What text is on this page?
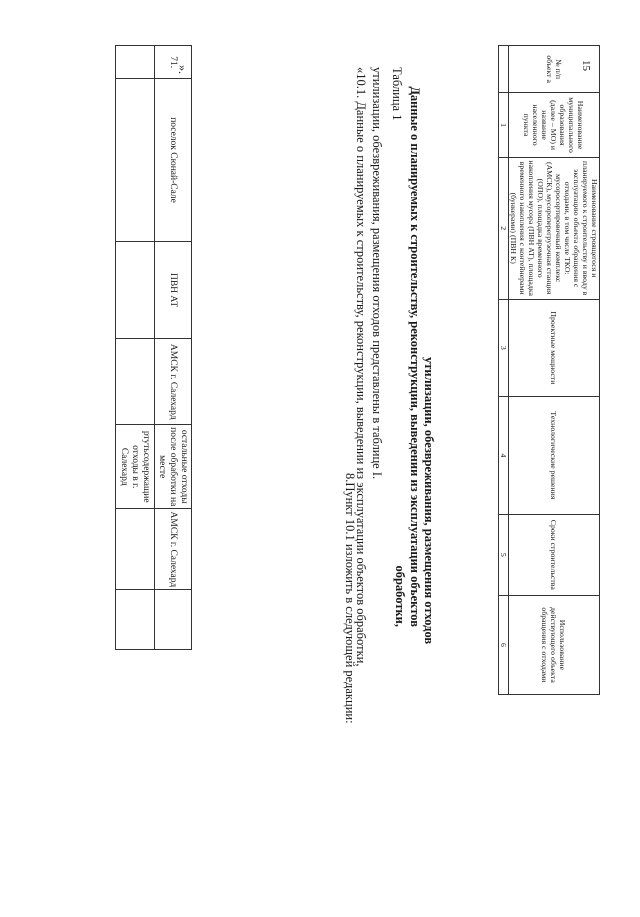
15
71.	поселок Сюнай-Сале	ПВН АТ	АМСК г. Салехард	остальные отходы после обработки на месте	АМСК г. Салехард	
				ртутьсодержащие отходы в г. Салехард		
».
8.Пункт 10.1 изложить в следующей редакции:
«10.1. Данные о планируемых к строительству, реконструкции, выведении из эксплуатации объектов обработки, утилизации, обезвреживания, размещения отходов представлены в таблице I. Таблица 1 Данные о планируемых к строительству, реконструкции, выведении из эксплуатации объектов обработки,	утилизации, обезвреживания, размещения отходов
№ п/п объект а	Наименование муниципального образования (далее – МО) и название населенного пункта	Наименование строящегося и планируемого к строительству и вводу в эксплуатацию объекта обращения с отходами, в том числе ТКО: мусоросортировочный комплекс (АМСК), мусороперегрузочная станция (ОПО), площадка временного накопления мусора (ПВН АТ), площадка временного накопления с контейнерами (бункерами) (ПВН К)	Проектные мощности	Технологические решения	Сроки строительства	Использование действующего объекта обращения с отходами
	1	2	3	4	5	6
